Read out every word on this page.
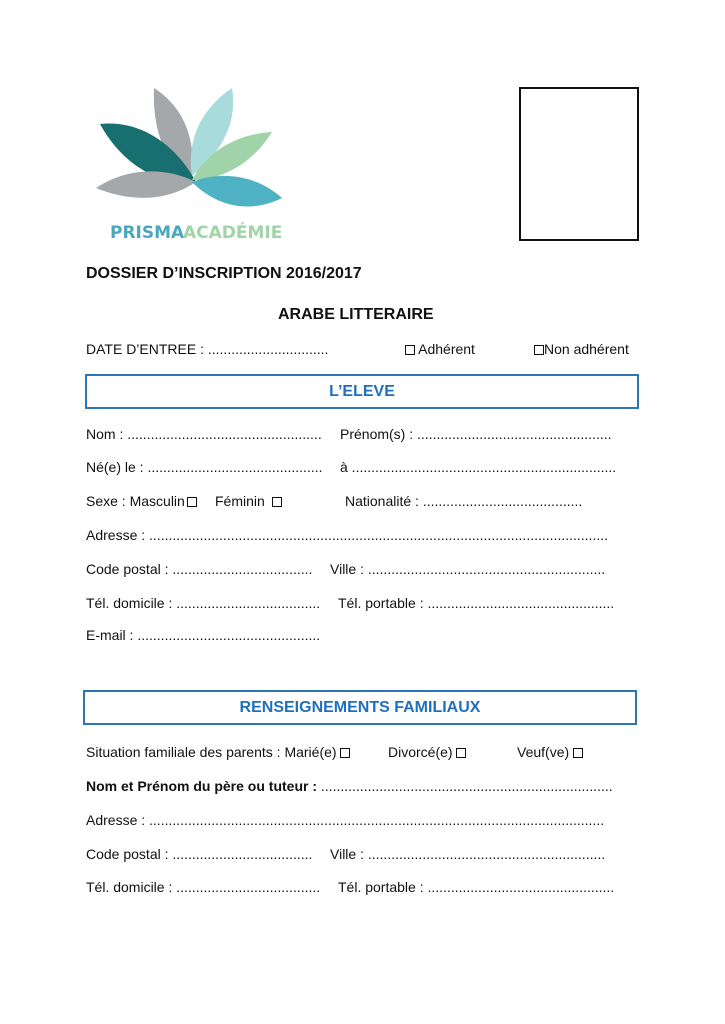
PRISMA
ACADÉMIE
DOSSIER D’INSCRIPTION 2016/2017
ARABE LITTERAIRE
DATE D’ENTREE : ...............................	Adhérent	Non adhérent
L’ELEVE
Nom : .................................................. Prénom(s) : ..................................................
Né(e) le : ............................................. à ....................................................................
Sexe : Masculin	Féminin	Nationalité : .........................................
Adresse : ......................................................................................................................
Code postal : .................................... Ville : .............................................................
Tél. domicile : ..................................... Tél. portable : ................................................
E-mail : ...............................................
RENSEIGNEMENTS FAMILIAUX
Situation familiale des parents : Marié(e)	Divorcé(e)	Veuf(ve)
Nom et Prénom du père ou tuteur : ...........................................................................
Adresse : .....................................................................................................................
Code postal : .................................... Ville : .............................................................
Tél. domicile : ..................................... Tél. portable : ................................................
